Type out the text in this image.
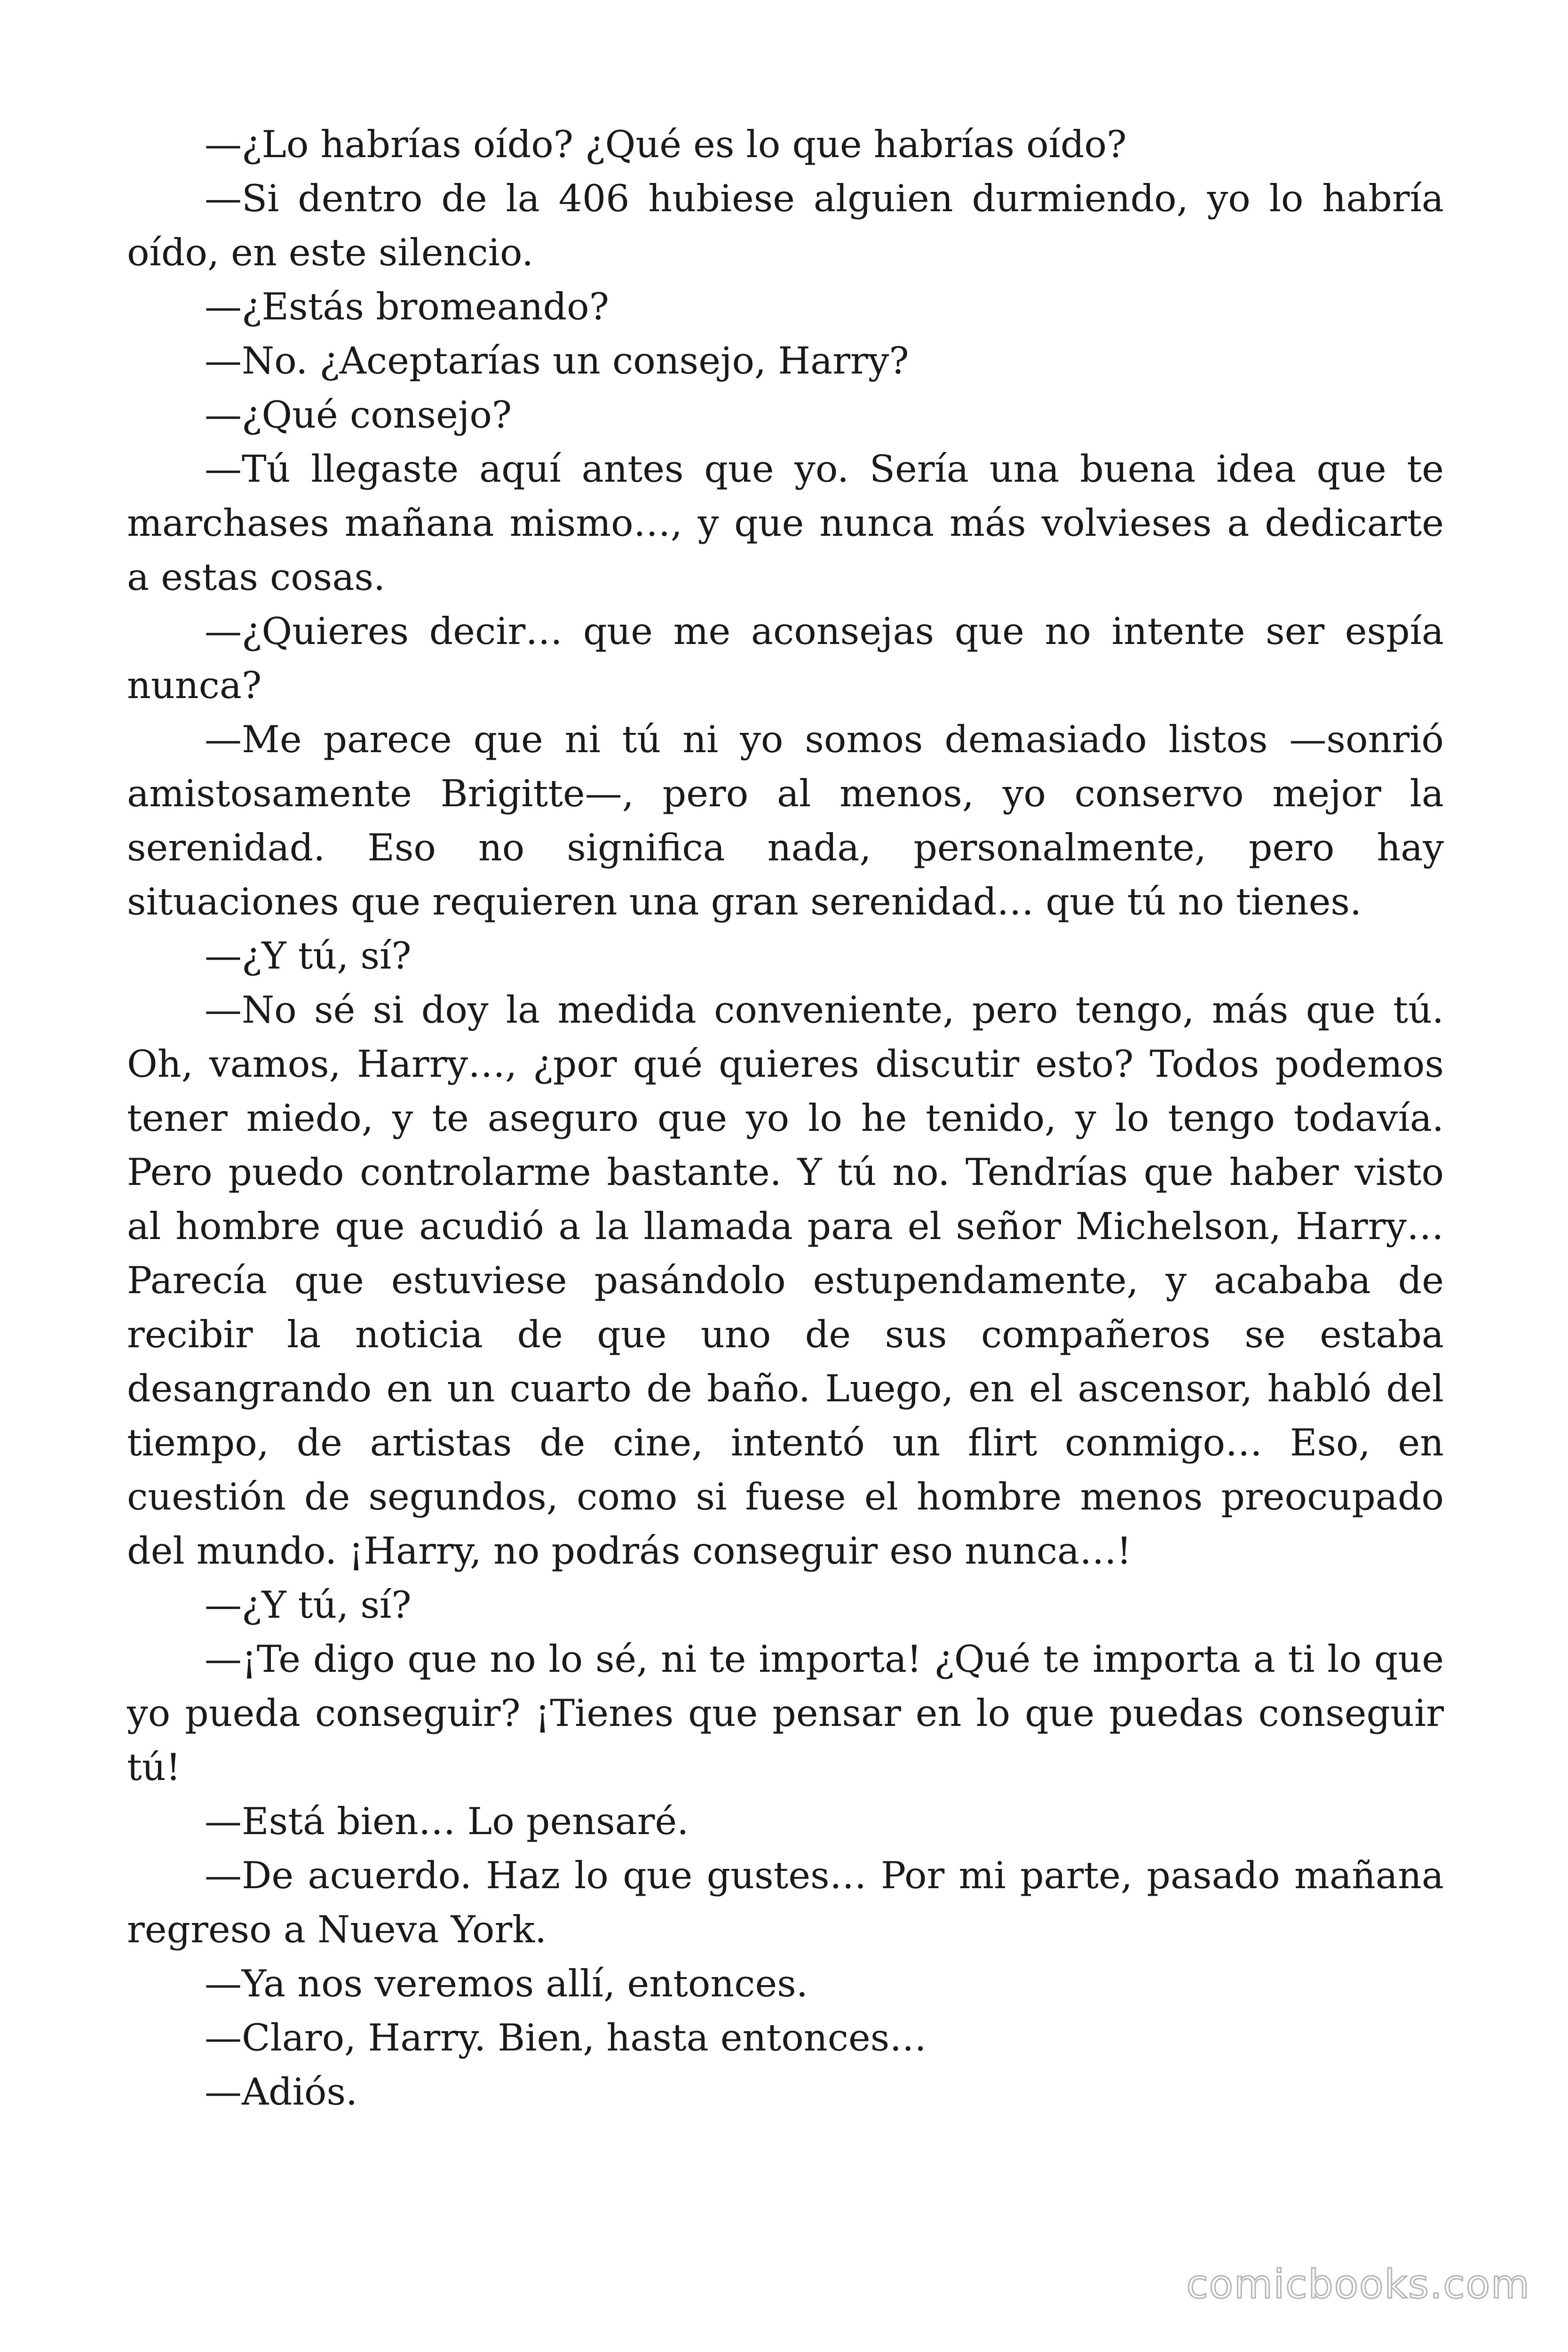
—¿Lo habrías oído? ¿Qué es lo que habrías oído?

—Si dentro de la 406 hubiese alguien durmiendo, yo lo habría oído, en este silencio.

—¿Estás bromeando?

—No. ¿Aceptarías un consejo, Harry?

—¿Qué consejo?

—Tú llegaste aquí antes que yo. Sería una buena idea que te marchases mañana mismo…, y que nunca más volvieses a dedicarte a estas cosas.

—¿Quieres decir… que me aconsejas que no intente ser espía nunca?

—Me parece que ni tú ni yo somos demasiado listos —sonrió amistosamente Brigitte—, pero al menos, yo conservo mejor la serenidad. Eso no significa nada, personalmente, pero hay situaciones que requieren una gran serenidad… que tú no tienes.

—¿Y tú, sí?

—No sé si doy la medida conveniente, pero tengo, más que tú. Oh, vamos, Harry…, ¿por qué quieres discutir esto? Todos podemos tener miedo, y te aseguro que yo lo he tenido, y lo tengo todavía. Pero puedo controlarme bastante. Y tú no. Tendrías que haber visto al hombre que acudió a la llamada para el señor Michelson, Harry… Parecía que estuviese pasándolo estupendamente, y acababa de recibir la noticia de que uno de sus compañeros se estaba desangrando en un cuarto de baño. Luego, en el ascensor, habló del tiempo, de artistas de cine, intentó un flirt conmigo… Eso, en cuestión de segundos, como si fuese el hombre menos preocupado del mundo. ¡Harry, no podrás conseguir eso nunca…!

—¿Y tú, sí?

—¡Te digo que no lo sé, ni te importa! ¿Qué te importa a ti lo que yo pueda conseguir? ¡Tienes que pensar en lo que puedas conseguir tú!

—Está bien… Lo pensaré.

—De acuerdo. Haz lo que gustes… Por mi parte, pasado mañana regreso a Nueva York.

—Ya nos veremos allí, entonces.

—Claro, Harry. Bien, hasta entonces…

—Adiós.

comicbooks.com
